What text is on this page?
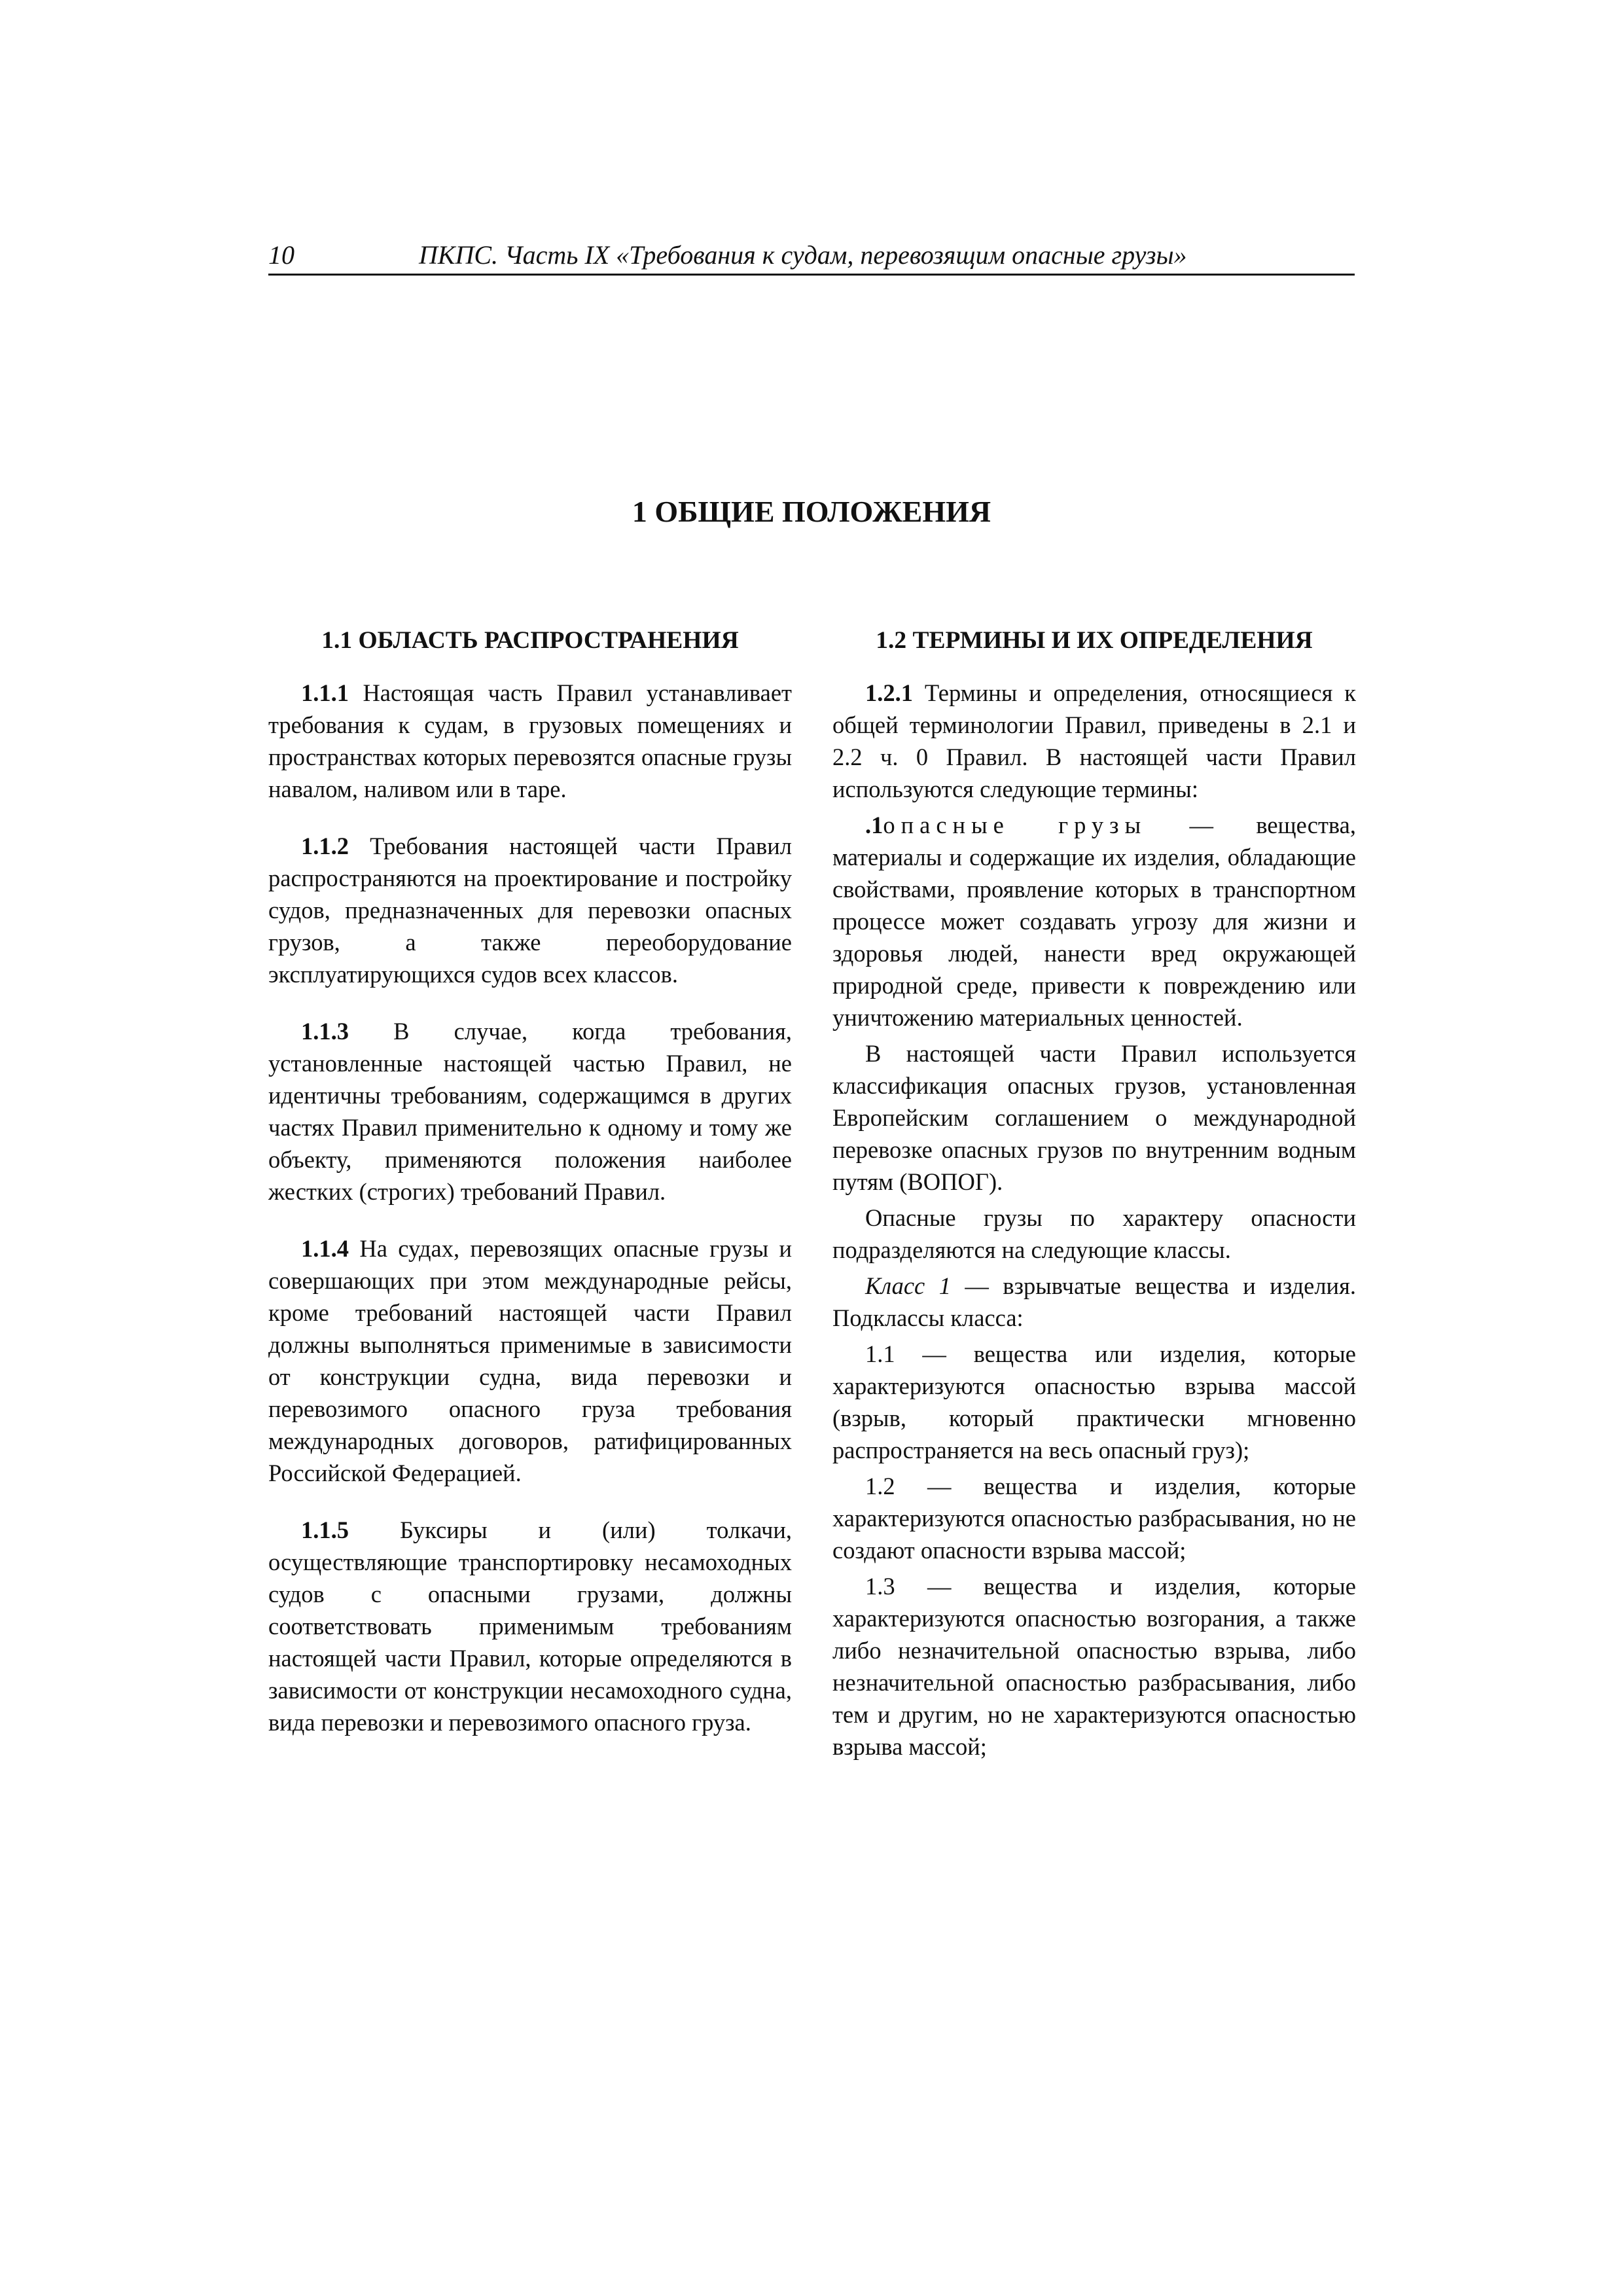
10	ПКПС. Часть IX «Требования к судам, перевозящим опасные грузы»
1 ОБЩИЕ ПОЛОЖЕНИЯ
1.1 ОБЛАСТЬ РАСПРОСТРАНЕНИЯ

1.1.1 Настоящая часть Правил устанавливает требования к судам, в грузовых помещениях и пространствах которых перевозятся опасные грузы навалом, наливом или в таре.

1.1.2 Требования настоящей части Правил распространяются на проектирование и постройку судов, предназначенных для перевозки опасных грузов, а также переоборудование эксплуатирующихся судов всех классов.

1.1.3 В случае, когда требования, установленные настоящей частью Правил, не идентичны требованиям, содержащимся в других частях Правил применительно к одному и тому же объекту, применяются положения наиболее жестких (строгих) требований Правил.

1.1.4 На судах, перевозящих опасные грузы и совершающих при этом международные рейсы, кроме требований настоящей части Правил должны выполняться применимые в зависимости от конструкции судна, вида перевозки и перевозимого опасного груза требования международных договоров, ратифицированных Российской Федерацией.

1.1.5 Буксиры и (или) толкачи, осуществляющие транспортировку несамоходных судов с опасными грузами, должны соответствовать применимым требованиям настоящей части Правил, которые определяются в зависимости от конструкции несамоходного судна, вида перевозки и перевозимого опасного груза.

1.2 ТЕРМИНЫ И ИХ ОПРЕДЕЛЕНИЯ

1.2.1 Термины и определения, относящиеся к общей терминологии Правил, приведены в 2.1 и 2.2 ч. 0 Правил. В настоящей части Правил используются следующие термины:

.1опасные грузы — вещества, материалы и содержащие их изделия, обладающие свойствами, проявление которых в транспортном процессе может создавать угрозу для жизни и здоровья людей, нанести вред окружающей природной среде, привести к повреждению или уничтожению материальных ценностей.

В настоящей части Правил используется классификация опасных грузов, установленная Европейским соглашением о международной перевозке опасных грузов по внутренним водным путям (ВОПОГ).

Опасные грузы по характеру опасности подразделяются на следующие классы.

Класс 1 — взрывчатые вещества и изделия. Подклассы класса:

1.1 — вещества или изделия, которые характеризуются опасностью взрыва массой (взрыв, который практически мгновенно распространяется на весь опасный груз);

1.2 — вещества и изделия, которые характеризуются опасностью разбрасывания, но не создают опасности взрыва массой;

1.3 — вещества и изделия, которые характеризуются опасностью возгорания, а также либо незначительной опасностью взрыва, либо незначительной опасностью разбрасывания, либо тем и другим, но не характеризуются опасностью взрыва массой;
